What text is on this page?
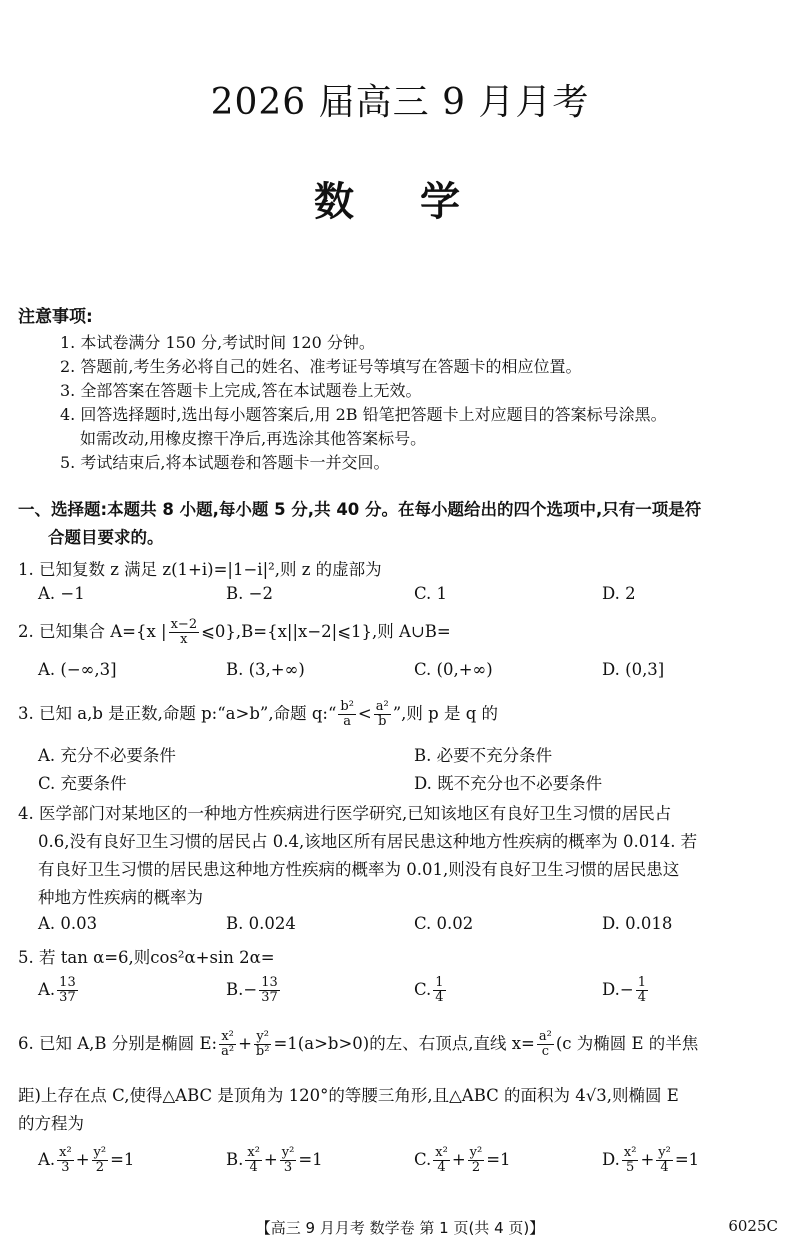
2026 届高三 9 月月考
数 学
注意事项:
1. 本试卷满分 150 分,考试时间 120 分钟。
2. 答题前,考生务必将自己的姓名、准考证号等填写在答题卡的相应位置。
3. 全部答案在答题卡上完成,答在本试题卷上无效。
4. 回答选择题时,选出每小题答案后,用 2B 铅笔把答题卡上对应题目的答案标号涂黑。
如需改动,用橡皮擦干净后,再选涂其他答案标号。
5. 考试结束后,将本试题卷和答题卡一并交回。
一、选择题:本题共 8 小题,每小题 5 分,共 40 分。在每小题给出的四个选项中,只有一项是符
合题目要求的。
1. 已知复数 z 满足 z(1+i)=|1−i|²,则 z 的虚部为
A. −1	B. −2	C. 1	D. 2
2. 已知集合 A={x | $\frac{x-2}{x}$ ⩽0},B={x||x−2|⩽1},则 A∪B=
A. (−∞,3]	B. (3,+∞)	C. (0,+∞)	D. (0,3]
3. 已知 a,b 是正数,命题 p:“a>b”,命题 q:“ $\frac{\text{b²}}{a} < \frac{\text{a²}}{b}$ ”,则 p 是 q 的
A. 充分不必要条件	B. 必要不充分条件
C. 充要条件	D. 既不充分也不必要条件
4. 医学部门对某地区的一种地方性疾病进行医学研究,已知该地区有良好卫生习惯的居民占
0.6,没有良好卫生习惯的居民占 0.4,该地区所有居民患这种地方性疾病的概率为 0.014. 若
有良好卫生习惯的居民患这种地方性疾病的概率为 0.01,则没有良好卫生习惯的居民患这
种地方性疾病的概率为
A. 0.03	B. 0.024	C. 0.02	D. 0.018
5. 若 tan α=6,则cos²α+sin 2α=
A. $\frac{13}{37}$	$B.- \frac{13}{37}$	C. $\frac{1}{4}$	$D.- \frac{1}{4}$
6. 已知 A,B 分别是椭圆 E: $\frac{\text{x²}}{\text{a²}} + \frac{\text{y²}}{\text{b²}} =1(a>b>0)$的左、右顶点,直线 $x= \frac{\text{a²}}{c} (c$ 为椭圆 E 的半焦
距)上存在点 C,使得△ABC 是顶角为 120°的等腰三角形,且△ABC 的面积为 4√3,则椭圆 E
的方程为
A. $\frac{\text{x²}}{3} + \frac{\text{y²}}{2} =1$	B. $\frac{\text{x²}}{4} + \frac{\text{y²}}{3} =1$	C. $\frac{\text{x²}}{4} + \frac{\text{y²}}{2} =1$	D. $\frac{\text{x²}}{5} + \frac{\text{y²}}{4} =1$
【高三 9 月月考 数学卷 第 1 页(共 4 页)】	6025C
